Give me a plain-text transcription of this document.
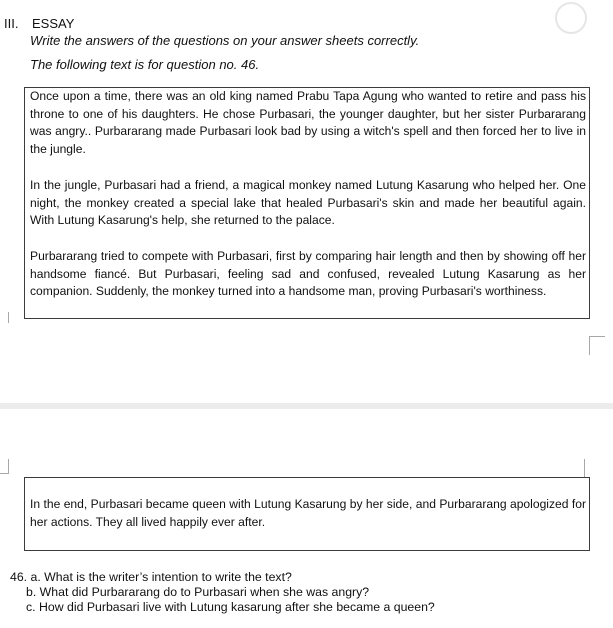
III. ESSAY
Write the answers of the questions on your answer sheets correctly.
The following text is for question no. 46.

Once upon a time, there was an old king named Prabu Tapa Agung who wanted to retire and pass his throne to one of his daughters. He chose Purbasari, the younger daughter, but her sister Purbararang was angry.. Purbararang made Purbasari look bad by using a witch's spell and then forced her to live in the jungle.

In the jungle, Purbasari had a friend, a magical monkey named Lutung Kasarung who helped her. One night, the monkey created a special lake that healed Purbasari's skin and made her beautiful again. With Lutung Kasarung's help, she returned to the palace.

Purbararang tried to compete with Purbasari, first by comparing hair length and then by showing off her handsome fiancé. But Purbasari, feeling sad and confused, revealed Lutung Kasarung as her companion. Suddenly, the monkey turned into a handsome man, proving Purbasari's worthiness.

In the end, Purbasari became queen with Lutung Kasarung by her side, and Purbararang apologized for her actions. They all lived happily ever after.

46. a. What is the writer’s intention to write the text?
b. What did Purbararang do to Purbasari when she was angry?
c. How did Purbasari live with Lutung kasarung after she became a queen?
